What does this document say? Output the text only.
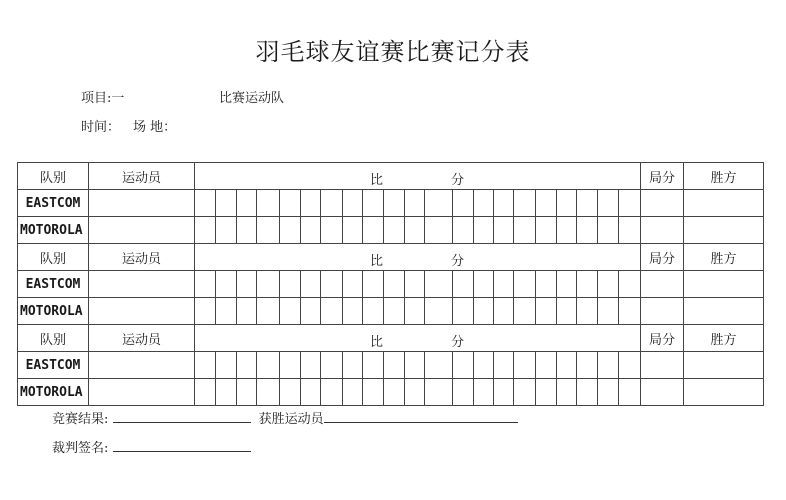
羽毛球友谊赛比赛记分表
项目:一	比赛运动队
时间： 场 地：
队别	运动员	比 分																					局分	胜方
EASTCOM																								
MOTOROLA																								
队别	运动员	比 分																					局分	胜方
EASTCOM																								
MOTOROLA																								
队别	运动员	比 分																					局分	胜方
EASTCOM																								
MOTOROLA																								
竞赛结果:	获胜运动员
裁判签名:
